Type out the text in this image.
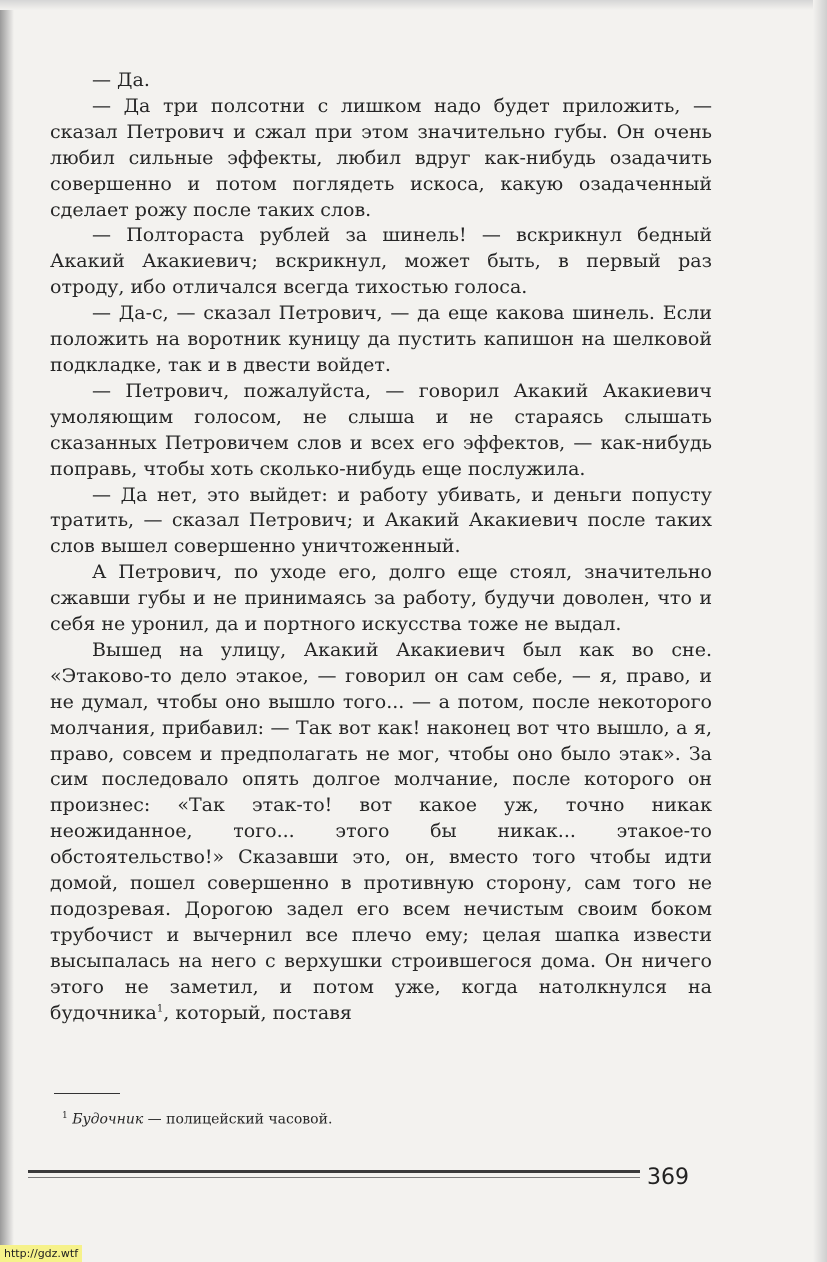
— Да.

— Да три полсотни с лишком надо будет приложить, — сказал Петрович и сжал при этом значительно губы. Он очень любил сильные эффекты, любил вдруг как-нибудь озадачить совершенно и потом поглядеть искоса, какую озадаченный сделает рожу после таких слов.

— Полтораста рублей за шинель! — вскрикнул бедный Акакий Акакиевич; вскрикнул, может быть, в первый раз отроду, ибо отличался всегда тихостью голоса.

— Да-с, — сказал Петрович, — да еще какова шинель. Если положить на воротник куницу да пустить капишон на шелковой подкладке, так и в двести войдет.

— Петрович, пожалуйста, — говорил Акакий Акакиевич умоляющим голосом, не слыша и не стараясь слышать сказанных Петровичем слов и всех его эффектов, — как-нибудь поправь, чтобы хоть сколько-нибудь еще послужила.

— Да нет, это выйдет: и работу убивать, и деньги попусту тратить, — сказал Петрович; и Акакий Акакиевич после таких слов вышел совершенно уничтоженный.

А Петрович, по уходе его, долго еще стоял, значительно сжавши губы и не принимаясь за работу, будучи доволен, что и себя не уронил, да и портного искусства тоже не выдал.

Вышед на улицу, Акакий Акакиевич был как во сне. «Этаково-то дело этакое, — говорил он сам себе, — я, право, и не думал, чтобы оно вышло того... — а потом, после некоторого молчания, прибавил: — Так вот как! наконец вот что вышло, а я, право, совсем и предполагать не мог, чтобы оно было этак». За сим последовало опять долгое молчание, после которого он произнес: «Так этак-то! вот какое уж, точно никак неожиданное, того... этого бы никак... этакое-то обстоятельство!» Сказавши это, он, вместо того чтобы идти домой, пошел совершенно в противную сторону, сам того не подозревая. Дорогою задел его всем нечистым своим боком трубочист и вычернил все плечо ему; целая шапка извести высыпалась на него с верхушки строившегося дома. Он ничего этого не заметил, и потом уже, когда натолкнулся на будочника$^1$, который, поставя

$^1$ Будочник — полицейский часовой.
369
http://gdz.wtf
